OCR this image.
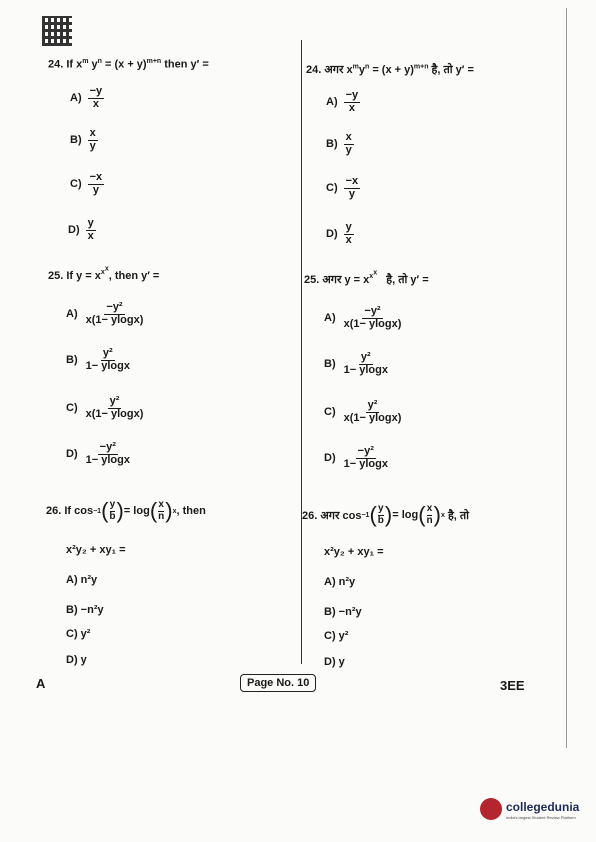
24. If $x^m$ $y^n = (x + y)^{m+n}$ then y′ =
$A) \frac{-y}{x}$
$B) \frac{x}{y}$
$C) \frac{-x}{y}$
$D) \frac{y}{x}$
25. If $y = x^{x^x}$, then y′ =
$A) \frac{\text{−y²}}{x(1- ylogx)}$
$B) \frac{\text{y²}}{1- ylogx}$
$C) \frac{\text{y²}}{x(1- ylogx)}$
$D) \frac{\text{−y²}}{1- ylogx}$
26. If cos −1 ( y
b ) = log ( x
n ) x , then
x²y₂ + xy₁ =
A)
n²y
B)
−n²y
C)
y²
D)
y
24. अगर $x^my^n = (x + y)^{m+n}$ है, तो y′ =
$A) \frac{-y}{x}$
$B) \frac{x}{y}$
$C) \frac{-x}{y}$
$D) \frac{y}{x}$
25. अगर $y = x^{x^x}$   है, तो y′ =
$A) \frac{\text{−y²}}{x(1- ylogx)}$
$B) \frac{\text{y²}}{1- ylogx}$
$C) \frac{\text{y²}}{x(1- ylogx)}$
$D) \frac{\text{−y²}}{1- ylogx}$
26. अगर cos −1 ( y
b ) = log ( x
n ) x
है, तो
x²y₂ + xy₁ =
A)
n²y
B)
−n²y
C)
y²
D)
y
A	Page No. 10	3EE
collegedunia
India's largest Student Review Platform
